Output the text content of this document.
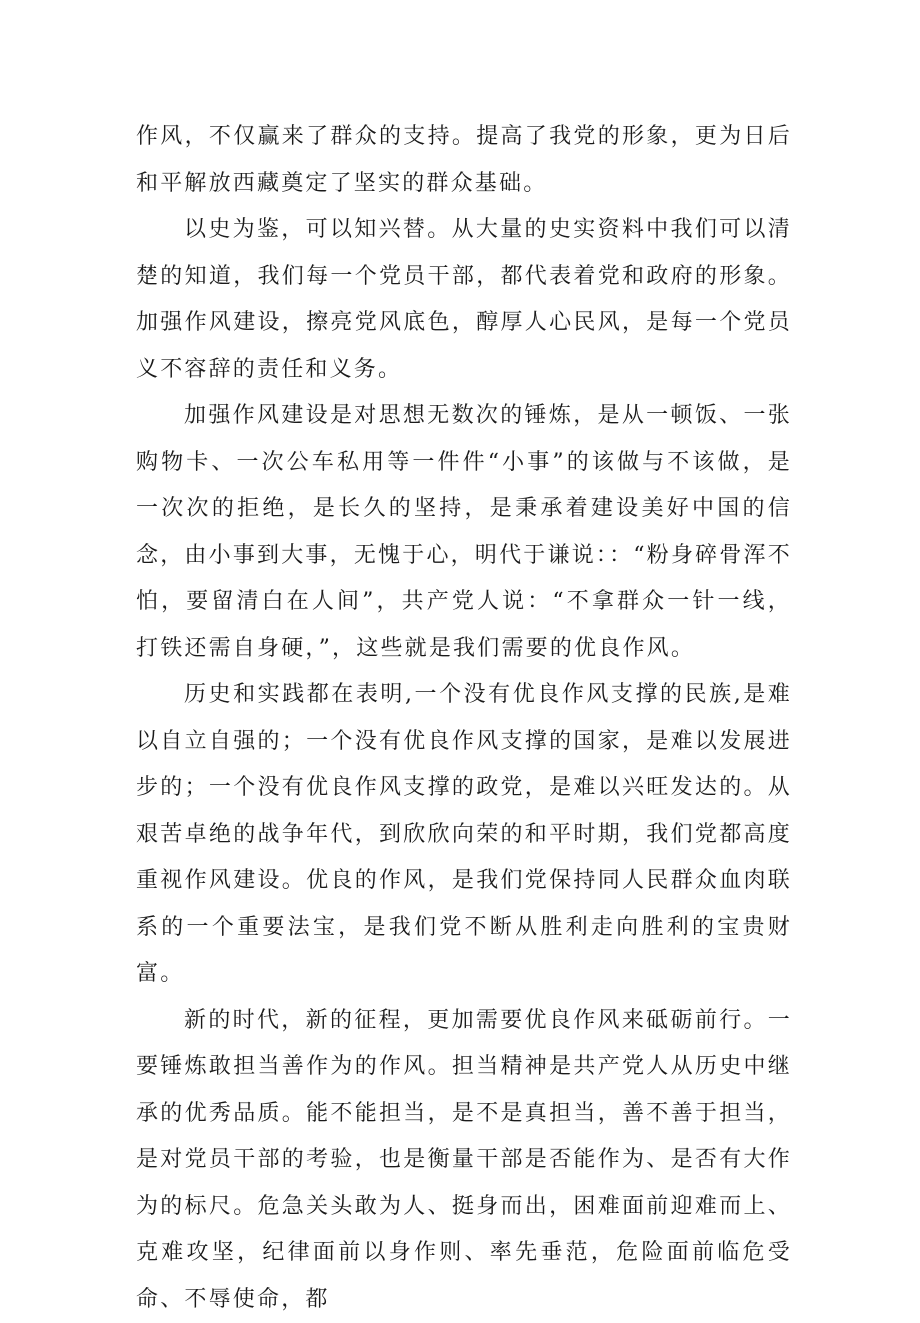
作风，不仅赢来了群众的支持。提高了我党的形象，更为日后和平解放西藏奠定了坚实的群众基础。

以史为鉴，可以知兴替。从大量的史实资料中我们可以清楚的知道，我们每一个党员干部，都代表着党和政府的形象。加强作风建设，擦亮党风底色，醇厚人心民风，是每一个党员义不容辞的责任和义务。

加强作风建设是对思想无数次的锤炼，是从一顿饭、一张购物卡、一次公车私用等一件件“小事”的该做与不该做，是一次次的拒绝，是长久的坚持，是秉承着建设美好中国的信念，由小事到大事，无愧于心，明代于谦说：：“粉身碎骨浑不怕，要留清白在人间”，共产党人说：“不拿群众一针一线，打铁还需自身硬，”，这些就是我们需要的优良作风。

历史和实践都在表明,一个没有优良作风支撑的民族,是难以自立自强的；一个没有优良作风支撑的国家，是难以发展进步的；一个没有优良作风支撑的政党，是难以兴旺发达的。从艰苦卓绝的战争年代，到欣欣向荣的和平时期，我们党都高度重视作风建设。优良的作风，是我们党保持同人民群众血肉联系的一个重要法宝，是我们党不断从胜利走向胜利的宝贵财富。

新的时代，新的征程，更加需要优良作风来砥砺前行。一要锤炼敢担当善作为的作风。担当精神是共产党人从历史中继承的优秀品质。能不能担当，是不是真担当，善不善于担当，是对党员干部的考验，也是衡量干部是否能作为、是否有大作为的标尺。危急关头敢为人、挺身而出，困难面前迎难而上、克难攻坚，纪律面前以身作则、率先垂范，危险面前临危受命、不辱使命，都
